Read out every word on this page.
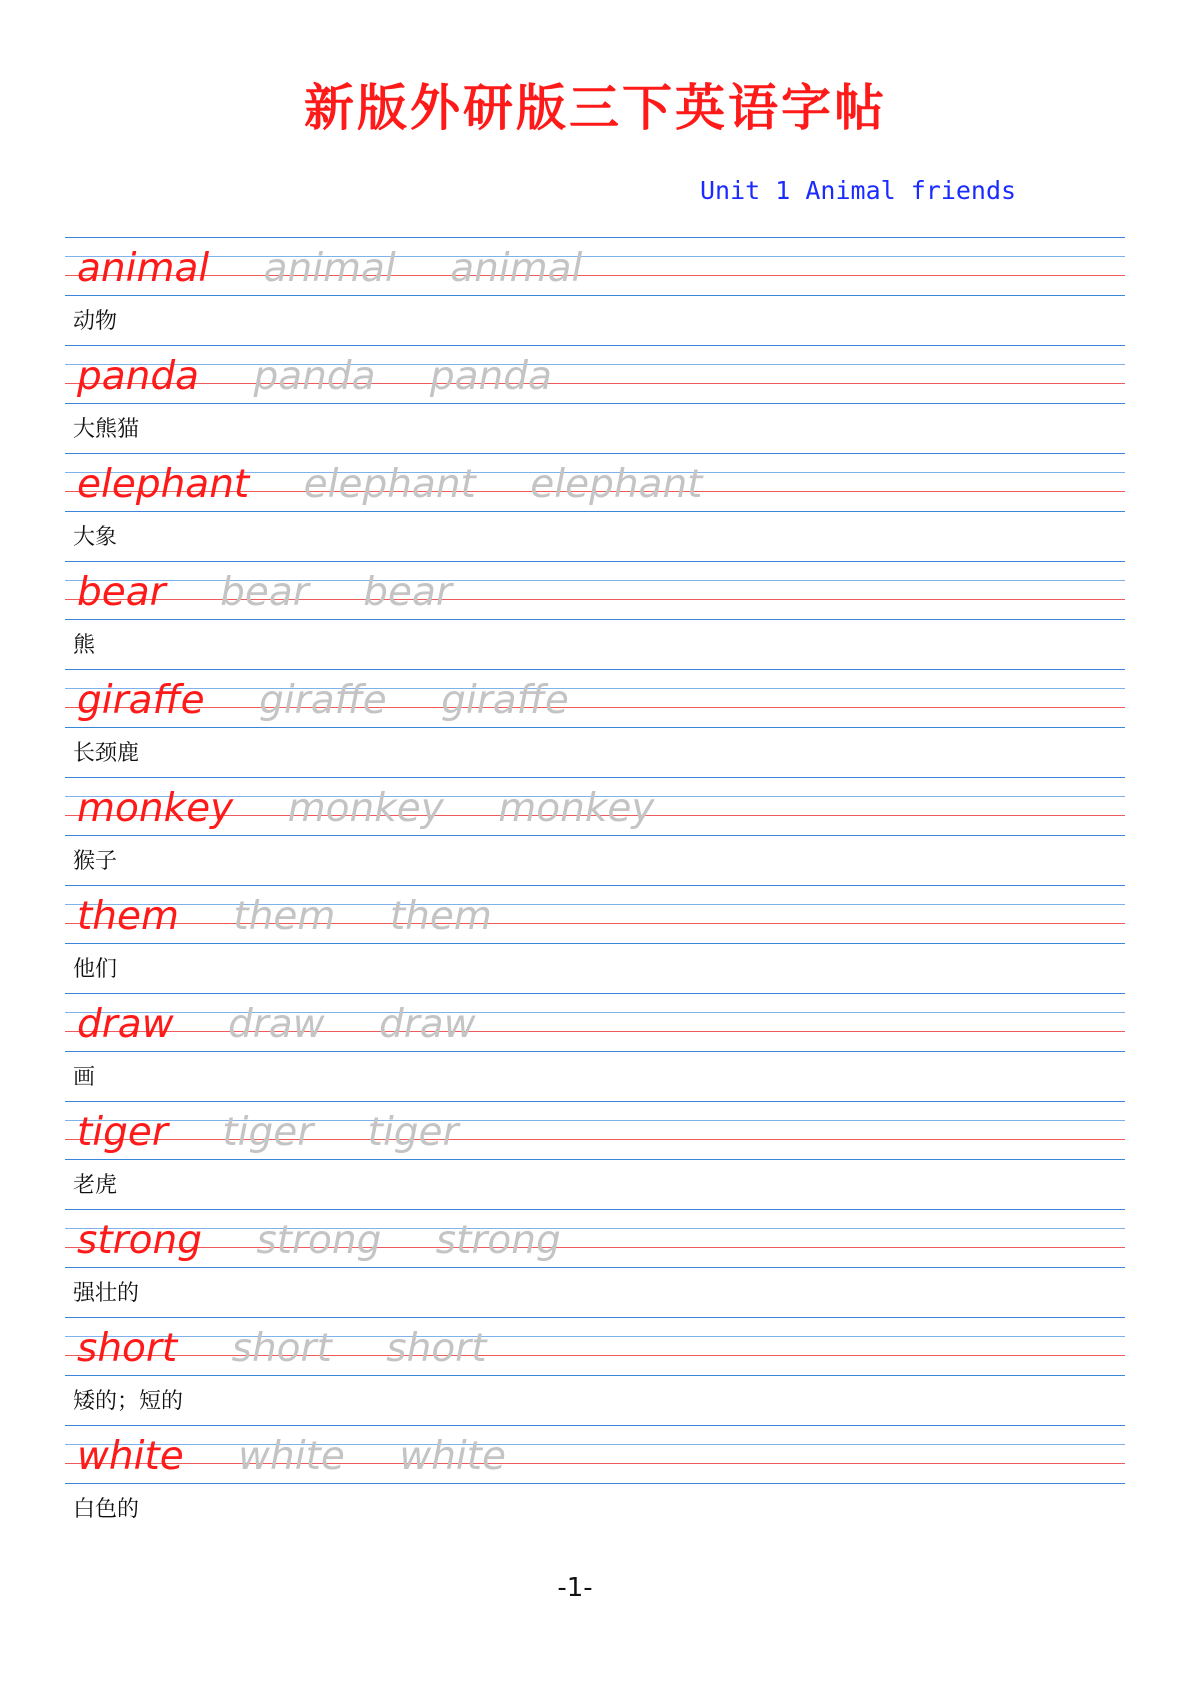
新版外研版三下英语字帖
Unit 1 Animal friends
animal animal animal
动物
panda panda panda
大熊猫
elephant elephant elephant
大象
bear bear bear
熊
giraffe giraffe giraffe
长颈鹿
monkey monkey monkey
猴子
them them them
他们
draw draw draw
画
tiger tiger tiger
老虎
strong strong strong
强壮的
short short short
矮的；短的
white white white
白色的
-1-
